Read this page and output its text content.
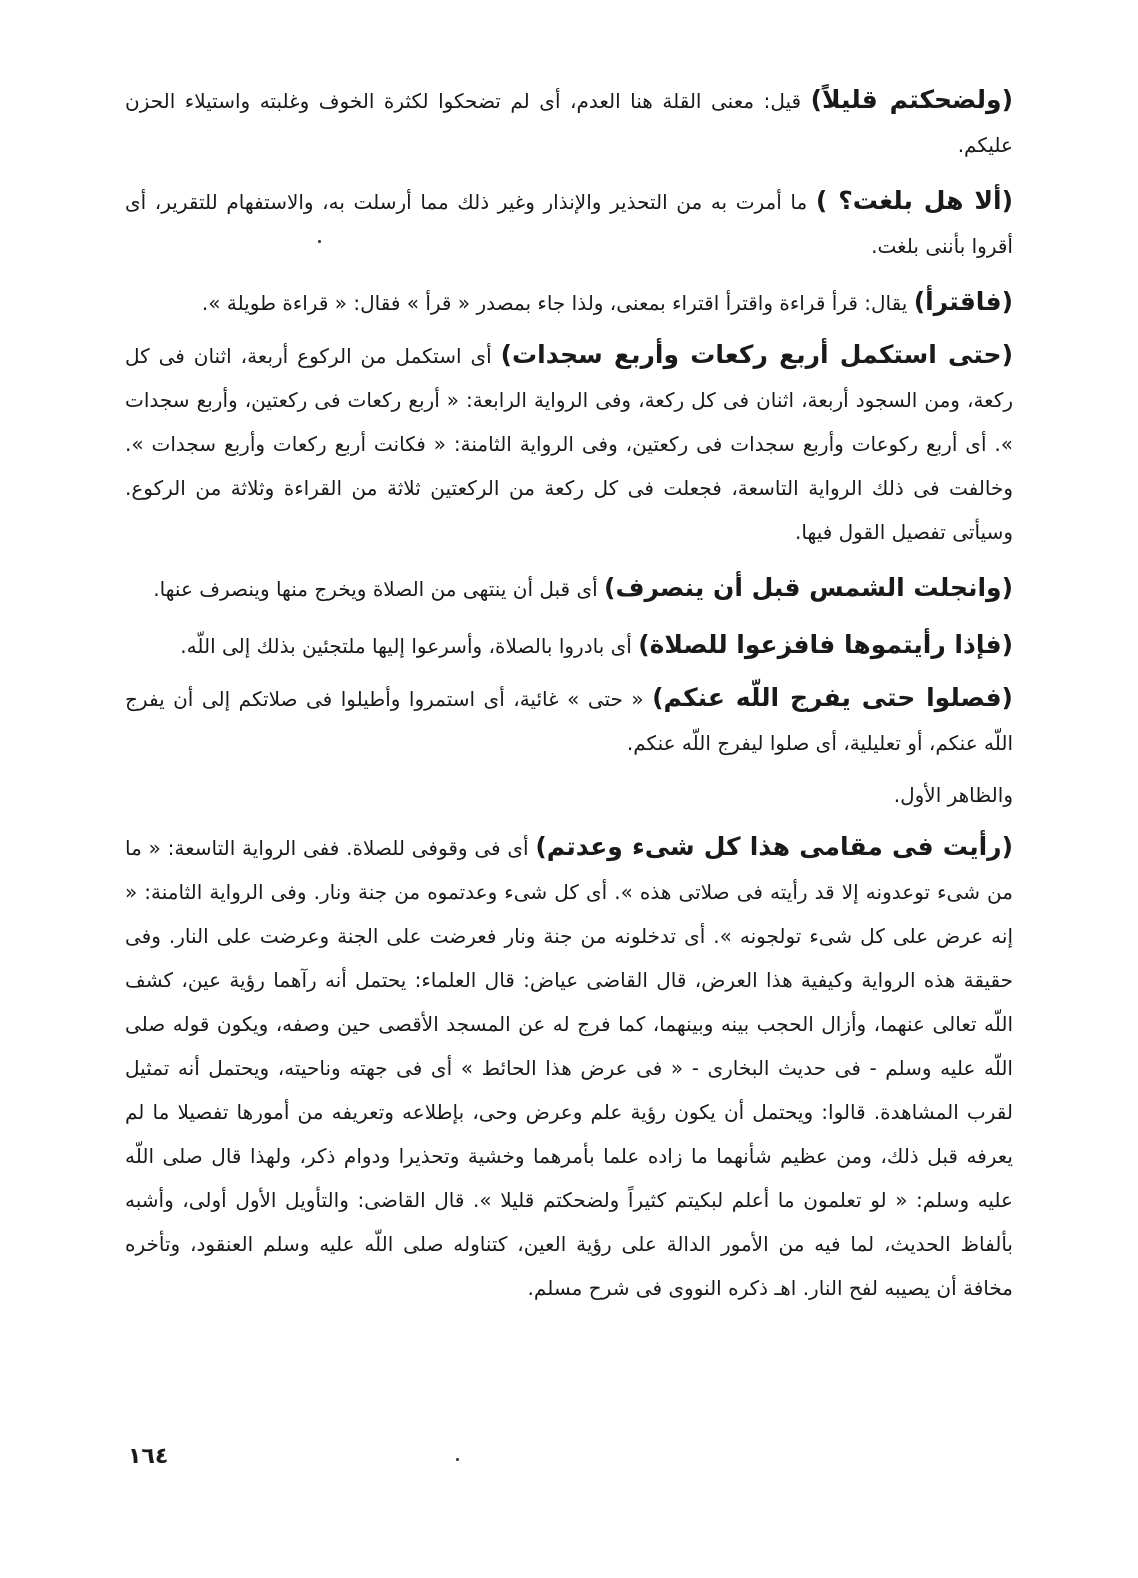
(ولضحكتم قليلاً) قيل: معنى القلة هنا العدم، أى لم تضحكوا لكثرة الخوف وغلبته واستيلاء الحزن عليكم.

(ألا هل بلغت؟ ) ما أمرت به من التحذير والإنذار وغير ذلك مما أرسلت به، والاستفهام للتقرير، أى أقروا بأننى بلغت.

(فاقترأ) يقال: قرأ قراءة واقترأ اقتراء بمعنى، ولذا جاء بمصدر « قرأ » فقال: « قراءة طويلة ».

(حتى استكمل أربع ركعات وأربع سجدات) أى استكمل من الركوع أربعة، اثنان فى كل ركعة، ومن السجود أربعة، اثنان فى كل ركعة، وفى الرواية الرابعة: « أربع ركعات فى ركعتين، وأربع سجدات ». أى أربع ركوعات وأربع سجدات فى ركعتين، وفى الرواية الثامنة: « فكانت أربع ركعات وأربع سجدات ». وخالفت فى ذلك الرواية التاسعة، فجعلت فى كل ركعة من الركعتين ثلاثة من القراءة وثلاثة من الركوع. وسيأتى تفصيل القول فيها.

(وانجلت الشمس قبل أن ينصرف) أى قبل أن ينتهى من الصلاة ويخرج منها وينصرف عنها.

(فإذا رأيتموها فافزعوا للصلاة) أى بادروا بالصلاة، وأسرعوا إليها ملتجئين بذلك إلى اللّه.

(فصلوا حتى يفرج اللّه عنكم) « حتى » غائية، أى استمروا وأطيلوا فى صلاتكم إلى أن يفرج اللّه عنكم، أو تعليلية، أى صلوا ليفرج اللّه عنكم.

والظاهر الأول.

(رأيت فى مقامى هذا كل شىء وعدتم) أى فى وقوفى للصلاة. ففى الرواية التاسعة: « ما من شىء توعدونه إلا قد رأيته فى صلاتى هذه ». أى كل شىء وعدتموه من جنة ونار. وفى الرواية الثامنة: « إنه عرض على كل شىء تولجونه ». أى تدخلونه من جنة ونار فعرضت على الجنة وعرضت على النار. وفى حقيقة هذه الرواية وكيفية هذا العرض، قال القاضى عياض: قال العلماء: يحتمل أنه رآهما رؤية عين، كشف اللّه تعالى عنهما، وأزال الحجب بينه وبينهما، كما فرج له عن المسجد الأقصى حين وصفه، ويكون قوله صلى اللّه عليه وسلم - فى حديث البخارى - « فى عرض هذا الحائط » أى فى جهته وناحيته، ويحتمل أنه تمثيل لقرب المشاهدة. قالوا: ويحتمل أن يكون رؤية علم وعرض وحى، بإطلاعه وتعريفه من أمورها تفصيلا ما لم يعرفه قبل ذلك، ومن عظيم شأنهما ما زاده علما بأمرهما وخشية وتحذيرا ودوام ذكر، ولهذا قال صلى اللّه عليه وسلم: « لو تعلمون ما أعلم لبكيتم كثيراً ولضحكتم قليلا ». قال القاضى: والتأويل الأول أولى، وأشبه بألفاظ الحديث، لما فيه من الأمور الدالة على رؤية العين، كتناوله صلى اللّه عليه وسلم العنقود، وتأخره مخافة أن يصيبه لفح النار. اهـ ذكره النووى فى شرح مسلم.

١٦٤
